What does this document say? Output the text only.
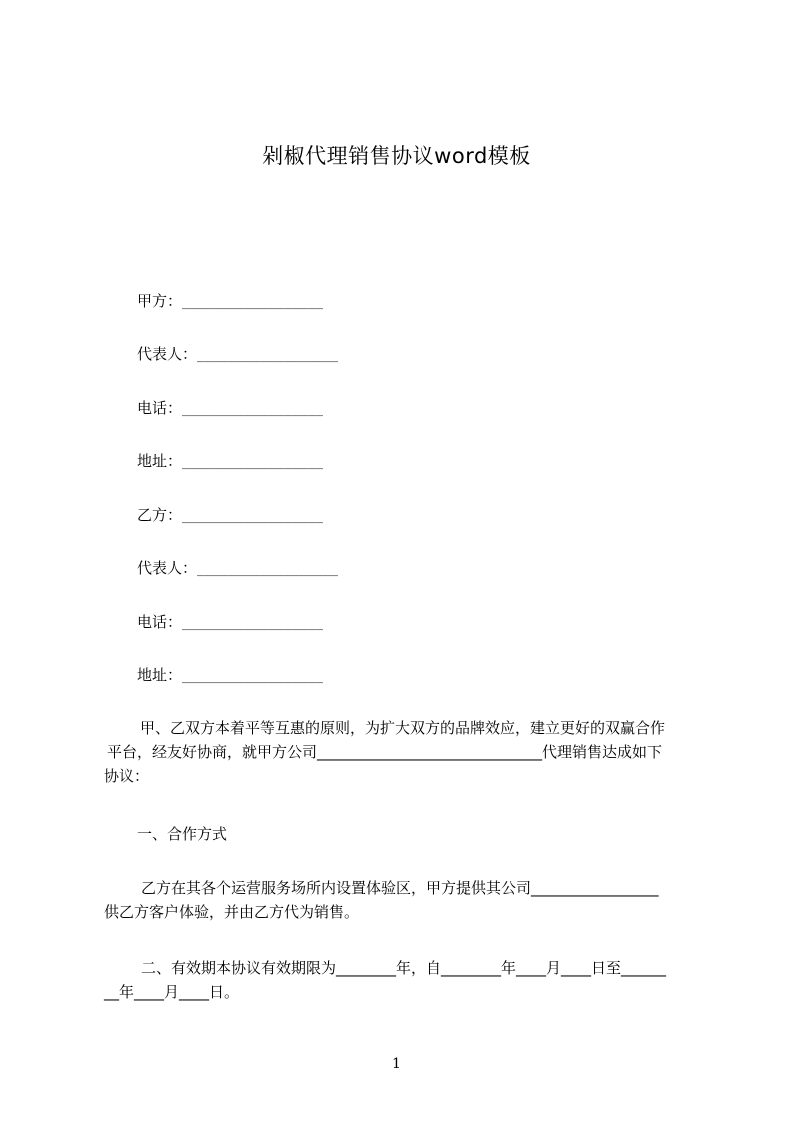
剁椒代理销售协议word模板
甲方：__________________
代表人：__________________
电话：__________________
地址：__________________
乙方：__________________
代表人：__________________
电话：__________________
地址：__________________
甲、乙双方本着平等互惠的原则，为扩大双方的品牌效应，建立更好的双赢合作
平台，经友好协商，就甲方公司______________________________代理销售达成如下
协议：
一、合作方式
乙方在其各个运营服务场所内设置体验区，甲方提供其公司_________________
供乙方客户体验，并由乙方代为销售。
二、有效期本协议有效期限为________年，自________年____月____日至______
__年____月____日。
1
